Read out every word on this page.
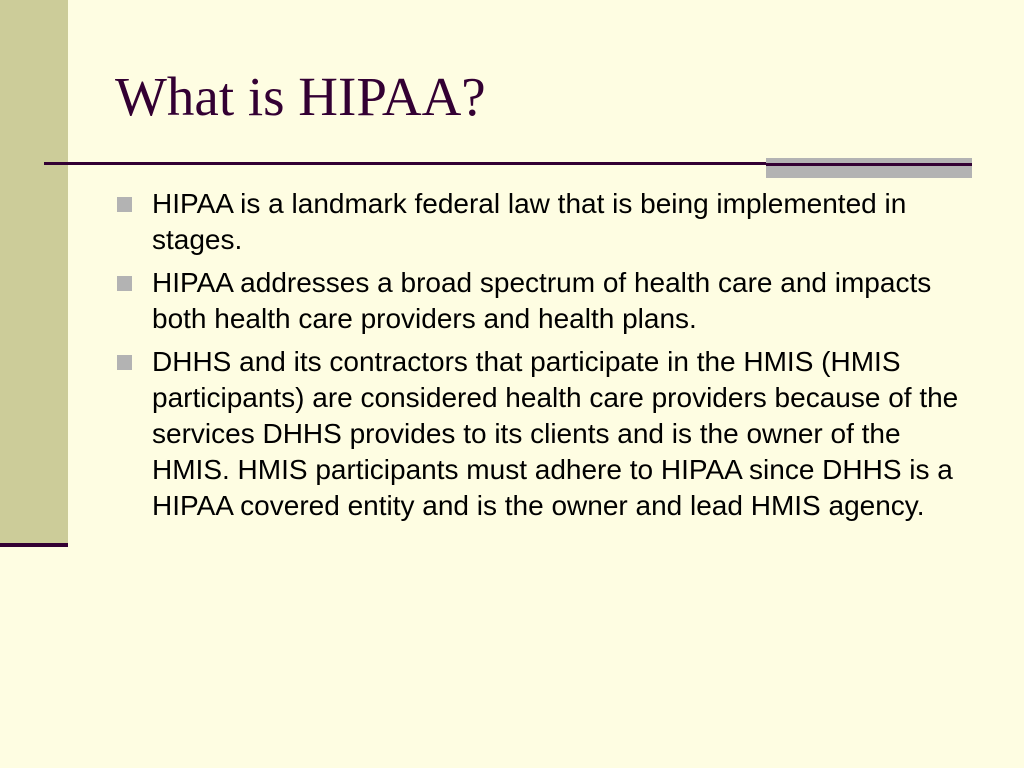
What is HIPAA?
HIPAA is a landmark federal law that is being implemented in stages.
HIPAA addresses a broad spectrum of health care and impacts both health care providers and health plans.
DHHS and its contractors that participate in the HMIS (HMIS participants) are considered health care providers because of the services DHHS provides to its clients and is the owner of the HMIS. HMIS participants must adhere to HIPAA since DHHS is a HIPAA covered entity and is the owner and lead HMIS agency.
